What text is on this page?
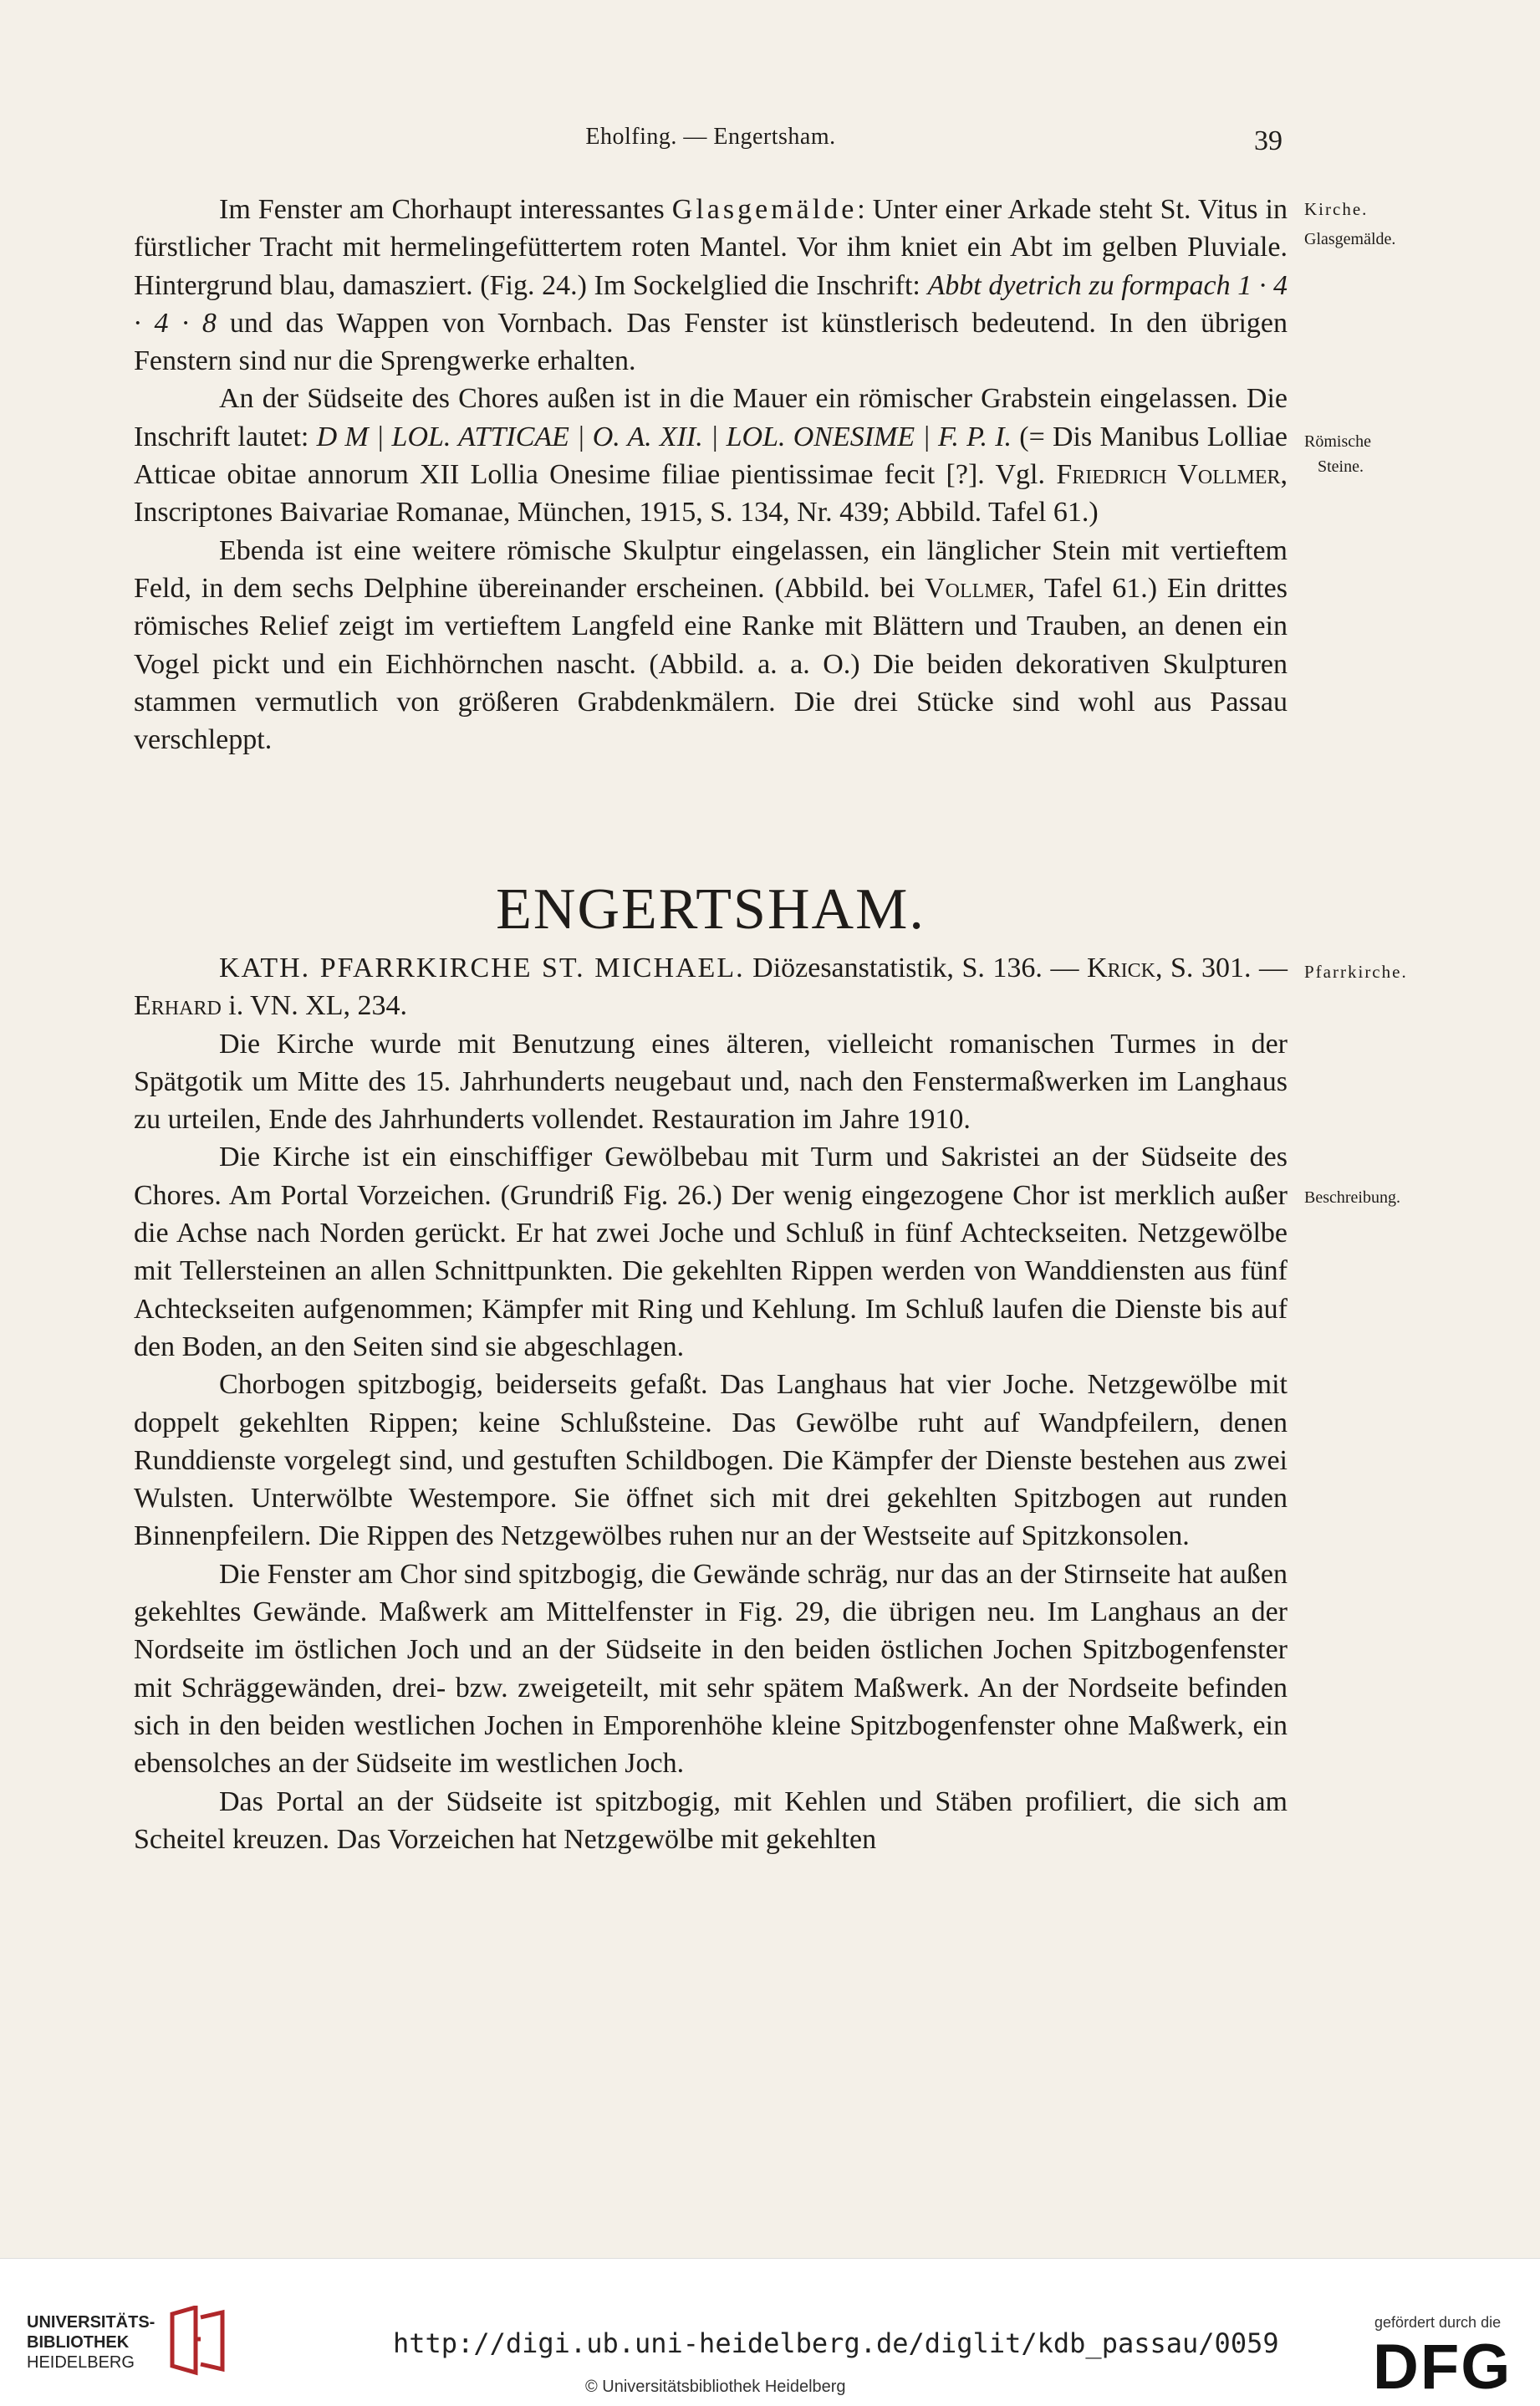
Eholfing. — Engertsham.	39

Im Fenster am Chorhaupt interessantes Glasgemälde: Unter einer Arkade steht St. Vitus in fürstlicher Tracht mit hermelingefüttertem roten Mantel. Vor ihm kniet ein Abt im gelben Pluviale. Hintergrund blau, damasziert. (Fig. 24.) Im Sockelglied die Inschrift: Abbt dyetrich zu formpach 1 · 4 · 4 · 8 und das Wappen von Vornbach. Das Fenster ist künstlerisch bedeutend. In den übrigen Fenstern sind nur die Sprengwerke erhalten.

An der Südseite des Chores außen ist in die Mauer ein römischer Grabstein eingelassen. Die Inschrift lautet: D M | LOL. ATTICAE | O. A. XII. | LOL. ONESIME | F. P. I. (= Dis Manibus Lolliae Atticae obitae annorum XII Lollia Onesime filiae pientissimae fecit [?]. Vgl. Friedrich Vollmer, Inscriptones Baivariae Romanae, München, 1915, S. 134, Nr. 439; Abbild. Tafel 61.)

Ebenda ist eine weitere römische Skulptur eingelassen, ein länglicher Stein mit vertieftem Feld, in dem sechs Delphine übereinander erscheinen. (Abbild. bei Vollmer, Tafel 61.) Ein drittes römisches Relief zeigt im vertieftem Langfeld eine Ranke mit Blättern und Trauben, an denen ein Vogel pickt und ein Eichhörnchen nascht. (Abbild. a. a. O.) Die beiden dekorativen Skulpturen stammen vermutlich von größeren Grabdenkmälern. Die drei Stücke sind wohl aus Passau verschleppt.

ENGERTSHAM.

KATH. PFARRKIRCHE ST. MICHAEL. Diözesanstatistik, S. 136. — Krick, S. 301. — Erhard i. VN. XL, 234.

Die Kirche wurde mit Benutzung eines älteren, vielleicht romanischen Turmes in der Spätgotik um Mitte des 15. Jahrhunderts neugebaut und, nach den Fenstermaßwerken im Langhaus zu urteilen, Ende des Jahrhunderts vollendet. Restauration im Jahre 1910.

Die Kirche ist ein einschiffiger Gewölbebau mit Turm und Sakristei an der Südseite des Chores. Am Portal Vorzeichen. (Grundriß Fig. 26.) Der wenig eingezogene Chor ist merklich außer die Achse nach Norden gerückt. Er hat zwei Joche und Schluß in fünf Achteckseiten. Netzgewölbe mit Tellersteinen an allen Schnittpunkten. Die gekehlten Rippen werden von Wanddiensten aus fünf Achteckseiten aufgenommen; Kämpfer mit Ring und Kehlung. Im Schluß laufen die Dienste bis auf den Boden, an den Seiten sind sie abgeschlagen.

Chorbogen spitzbogig, beiderseits gefaßt. Das Langhaus hat vier Joche. Netzgewölbe mit doppelt gekehlten Rippen; keine Schlußsteine. Das Gewölbe ruht auf Wandpfeilern, denen Runddienste vorgelegt sind, und gestuften Schildbogen. Die Kämpfer der Dienste bestehen aus zwei Wulsten. Unterwölbte Westempore. Sie öffnet sich mit drei gekehlten Spitzbogen aut runden Binnenpfeilern. Die Rippen des Netzgewölbes ruhen nur an der Westseite auf Spitzkonsolen.

Die Fenster am Chor sind spitzbogig, die Gewände schräg, nur das an der Stirnseite hat außen gekehltes Gewände. Maßwerk am Mittelfenster in Fig. 29, die übrigen neu. Im Langhaus an der Nordseite im östlichen Joch und an der Südseite in den beiden östlichen Jochen Spitzbogenfenster mit Schräggewänden, drei- bzw. zweigeteilt, mit sehr spätem Maßwerk. An der Nordseite befinden sich in den beiden westlichen Jochen in Emporenhöhe kleine Spitzbogenfenster ohne Maßwerk, ein ebensolches an der Südseite im westlichen Joch.

Das Portal an der Südseite ist spitzbogig, mit Kehlen und Stäben profiliert, die sich am Scheitel kreuzen. Das Vorzeichen hat Netzgewölbe mit gekehlten

Kirche.
Glasgemälde.
Römische
Steine.
Pfarrkirche.
Beschreibung.
UNIVERSITÄTS-
BIBLIOTHEK
HEIDELBERG
http://digi.ub.uni-heidelberg.de/diglit/kdb_passau/0059
© Universitätsbibliothek Heidelberg
gefördert durch die
DFG
